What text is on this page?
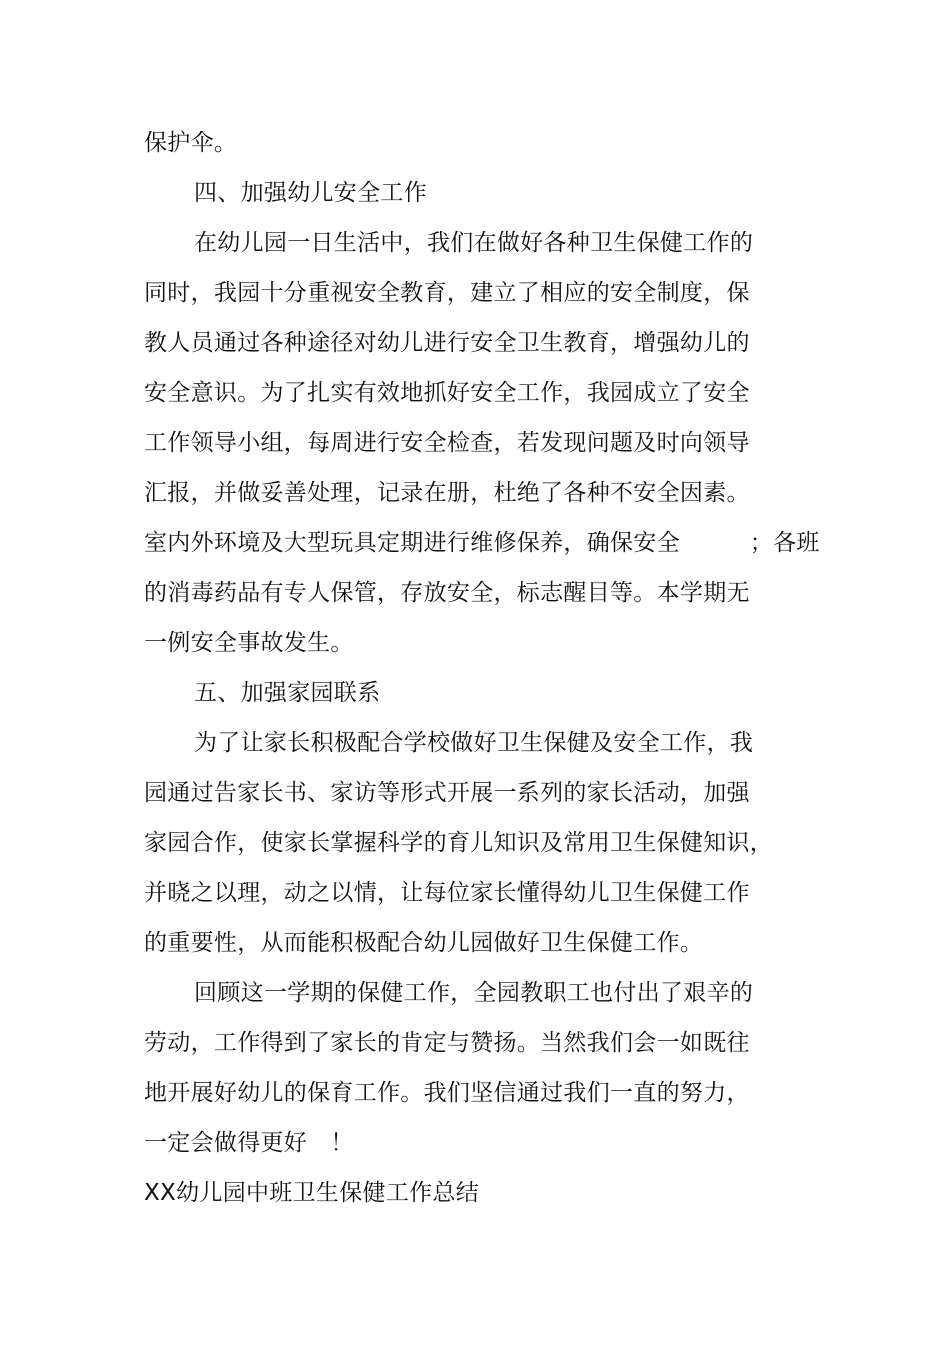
保护伞。
四、加强幼儿安全工作
在幼儿园一日生活中，我们在做好各种卫生保健工作的
同时，我园十分重视安全教育，建立了相应的安全制度，保
教人员通过各种途径对幼儿进行安全卫生教育，增强幼儿的
安全意识。为了扎实有效地抓好安全工作，我园成立了安全
工作领导小组，每周进行安全检查，若发现问题及时向领导
汇报，并做妥善处理，记录在册，杜绝了各种不安全因素。
室内外环境及大型玩具定期进行维修保养，确保安全　　　；各班
的消毒药品有专人保管，存放安全，标志醒目等。本学期无
一例安全事故发生。
五、加强家园联系
为了让家长积极配合学校做好卫生保健及安全工作，我
园通过告家长书、家访等形式开展一系列的家长活动，加强
家园合作，使家长掌握科学的育儿知识及常用卫生保健知识，
并晓之以理，动之以情，让每位家长懂得幼儿卫生保健工作
的重要性，从而能积极配合幼儿园做好卫生保健工作。
回顾这一学期的保健工作，全园教职工也付出了艰辛的
劳动，工作得到了家长的肯定与赞扬。当然我们会一如既往
地开展好幼儿的保育工作。我们坚信通过我们一直的努力，
一定会做得更好　！
XX幼儿园中班卫生保健工作总结
